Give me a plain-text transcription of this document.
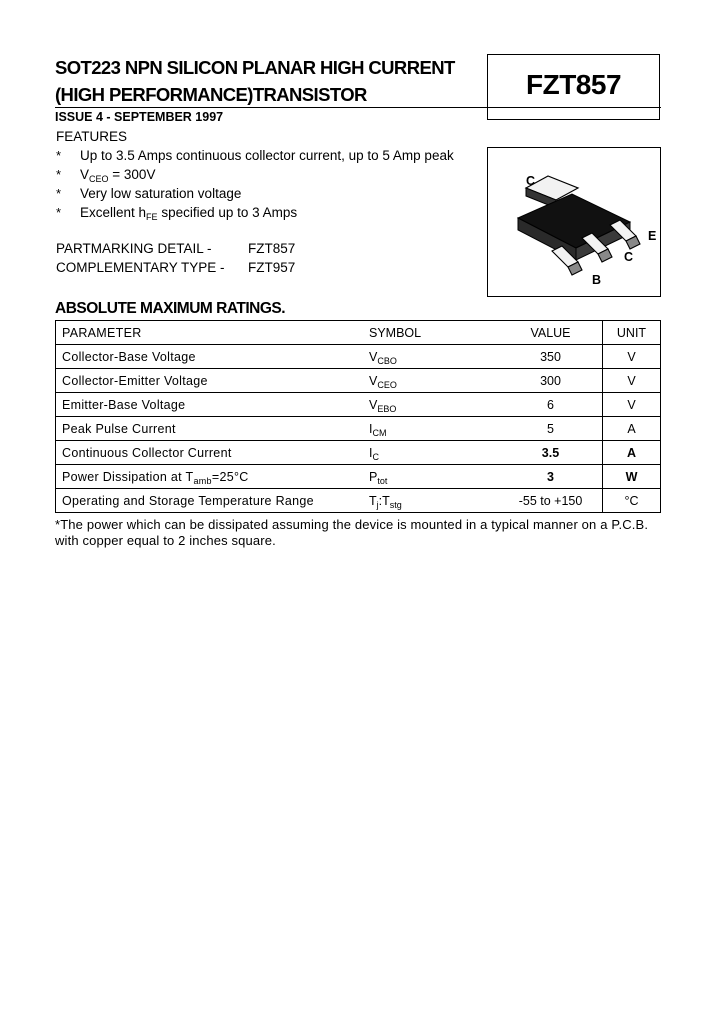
SOT223 NPN SILICON PLANAR HIGH CURRENT
(HIGH PERFORMANCE)TRANSISTOR	FZT857
ISSUE 4 - SEPTEMBER 1997
FEATURES
* Up to 3.5 Amps continuous collector current, up to 5 Amp peak
* $V_{CEO} = 300V$
* Very low saturation voltage
* Excellent $h_{FE}$ specified up to 3 Amps
PARTMARKING DETAIL -	FZT857
COMPLEMENTARY TYPE - FZT957
C
E
C
B
ABSOLUTE MAXIMUM RATINGS.
PARAMETER	SYMBOL	VALUE	UNIT
Collector-Base Voltage	$V_{CBO}$	350	V
Collector-Emitter Voltage	$V_{CEO}$	300	V
Emitter-Base Voltage	$V_{EBO}$	6	V
Peak Pulse Current	$I_{CM}$	5	A
Continuous Collector Current	$I_C$	3.5	A
Power Dissipation at $T_{amb}=25^\circ C$	$P_{tot}$	3	W
Operating and Storage Temperature Range	$T_j:T_{stg}$	-55 to +150	°C
*The power which can be dissipated assuming the device is mounted in a typical manner on a P.C.B. with copper equal to 2 inches square.
